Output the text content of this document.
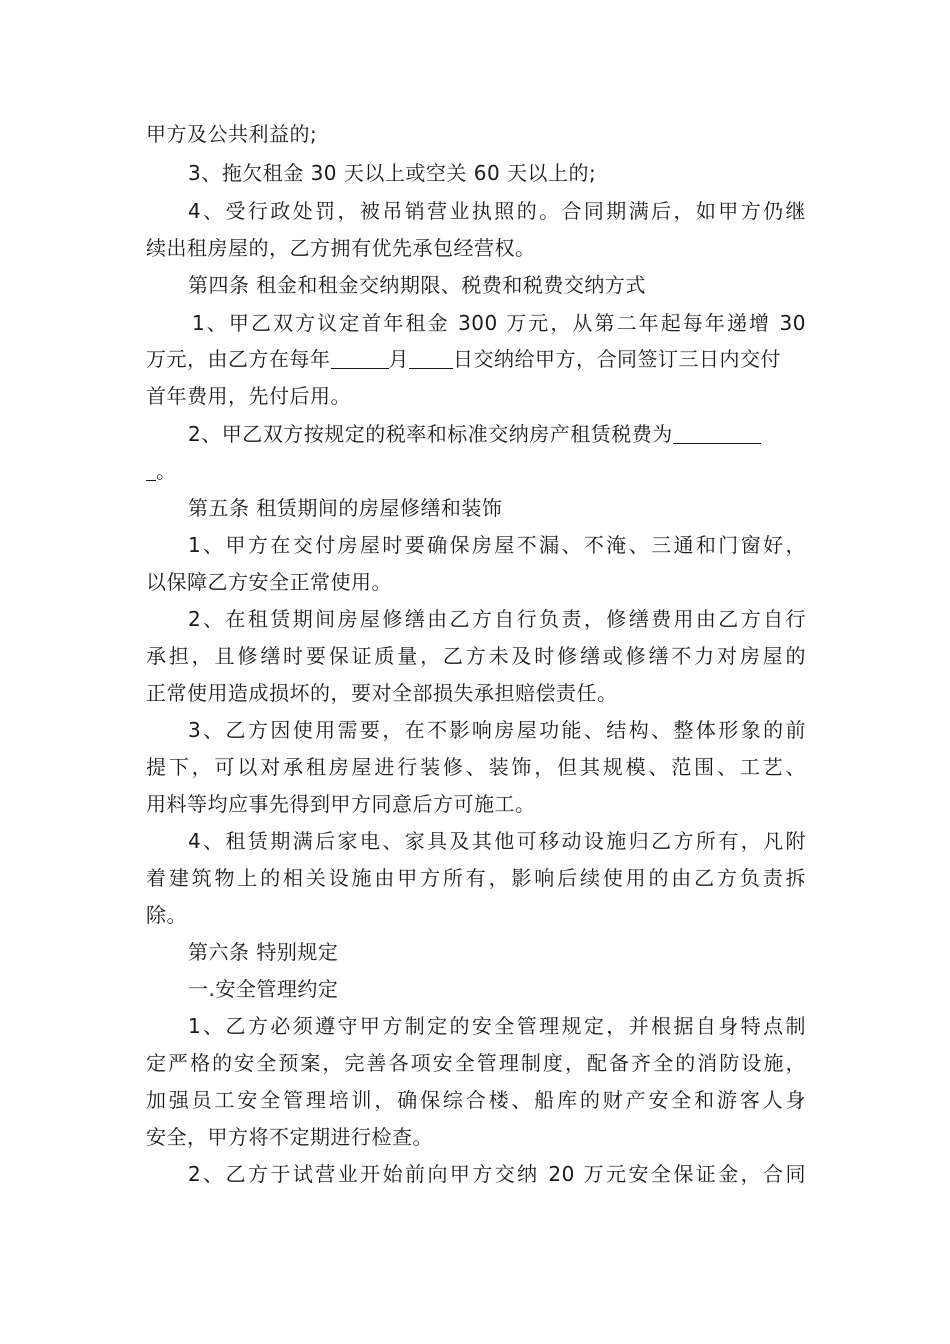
甲方及公共利益的;
3、拖欠租金 30 天以上或空关 60 天以上的;
4、受行政处罚，被吊销营业执照的。合同期满后，如甲方仍继
续出租房屋的，乙方拥有优先承包经营权。
第四条 租金和租金交纳期限、税费和税费交纳方式
1、甲乙双方议定首年租金 300 万元，从第二年起每年递增 30
万元，由乙方在每年	月 日交纳给甲方，合同签订三日内交付
首年费用，先付后用。
2、甲乙双方按规定的税率和标准交纳房产租赁税费为
。
第五条 租赁期间的房屋修缮和装饰
1、甲方在交付房屋时要确保房屋不漏、不淹、三通和门窗好，
以保障乙方安全正常使用。
2、在租赁期间房屋修缮由乙方自行负责，修缮费用由乙方自行
承担，且修缮时要保证质量，乙方未及时修缮或修缮不力对房屋的
正常使用造成损坏的，要对全部损失承担赔偿责任。
3、乙方因使用需要，在不影响房屋功能、结构、整体形象的前
提下，可以对承租房屋进行装修、装饰，但其规模、范围、工艺、
用料等均应事先得到甲方同意后方可施工。
4、租赁期满后家电、家具及其他可移动设施归乙方所有，凡附
着建筑物上的相关设施由甲方所有，影响后续使用的由乙方负责拆
除。
第六条 特别规定
一.安全管理约定
1、乙方必须遵守甲方制定的安全管理规定，并根据自身特点制
定严格的安全预案，完善各项安全管理制度，配备齐全的消防设施，
加强员工安全管理培训，确保综合楼、船库的财产安全和游客人身
安全，甲方将不定期进行检查。
2、乙方于试营业开始前向甲方交纳 20 万元安全保证金，合同
